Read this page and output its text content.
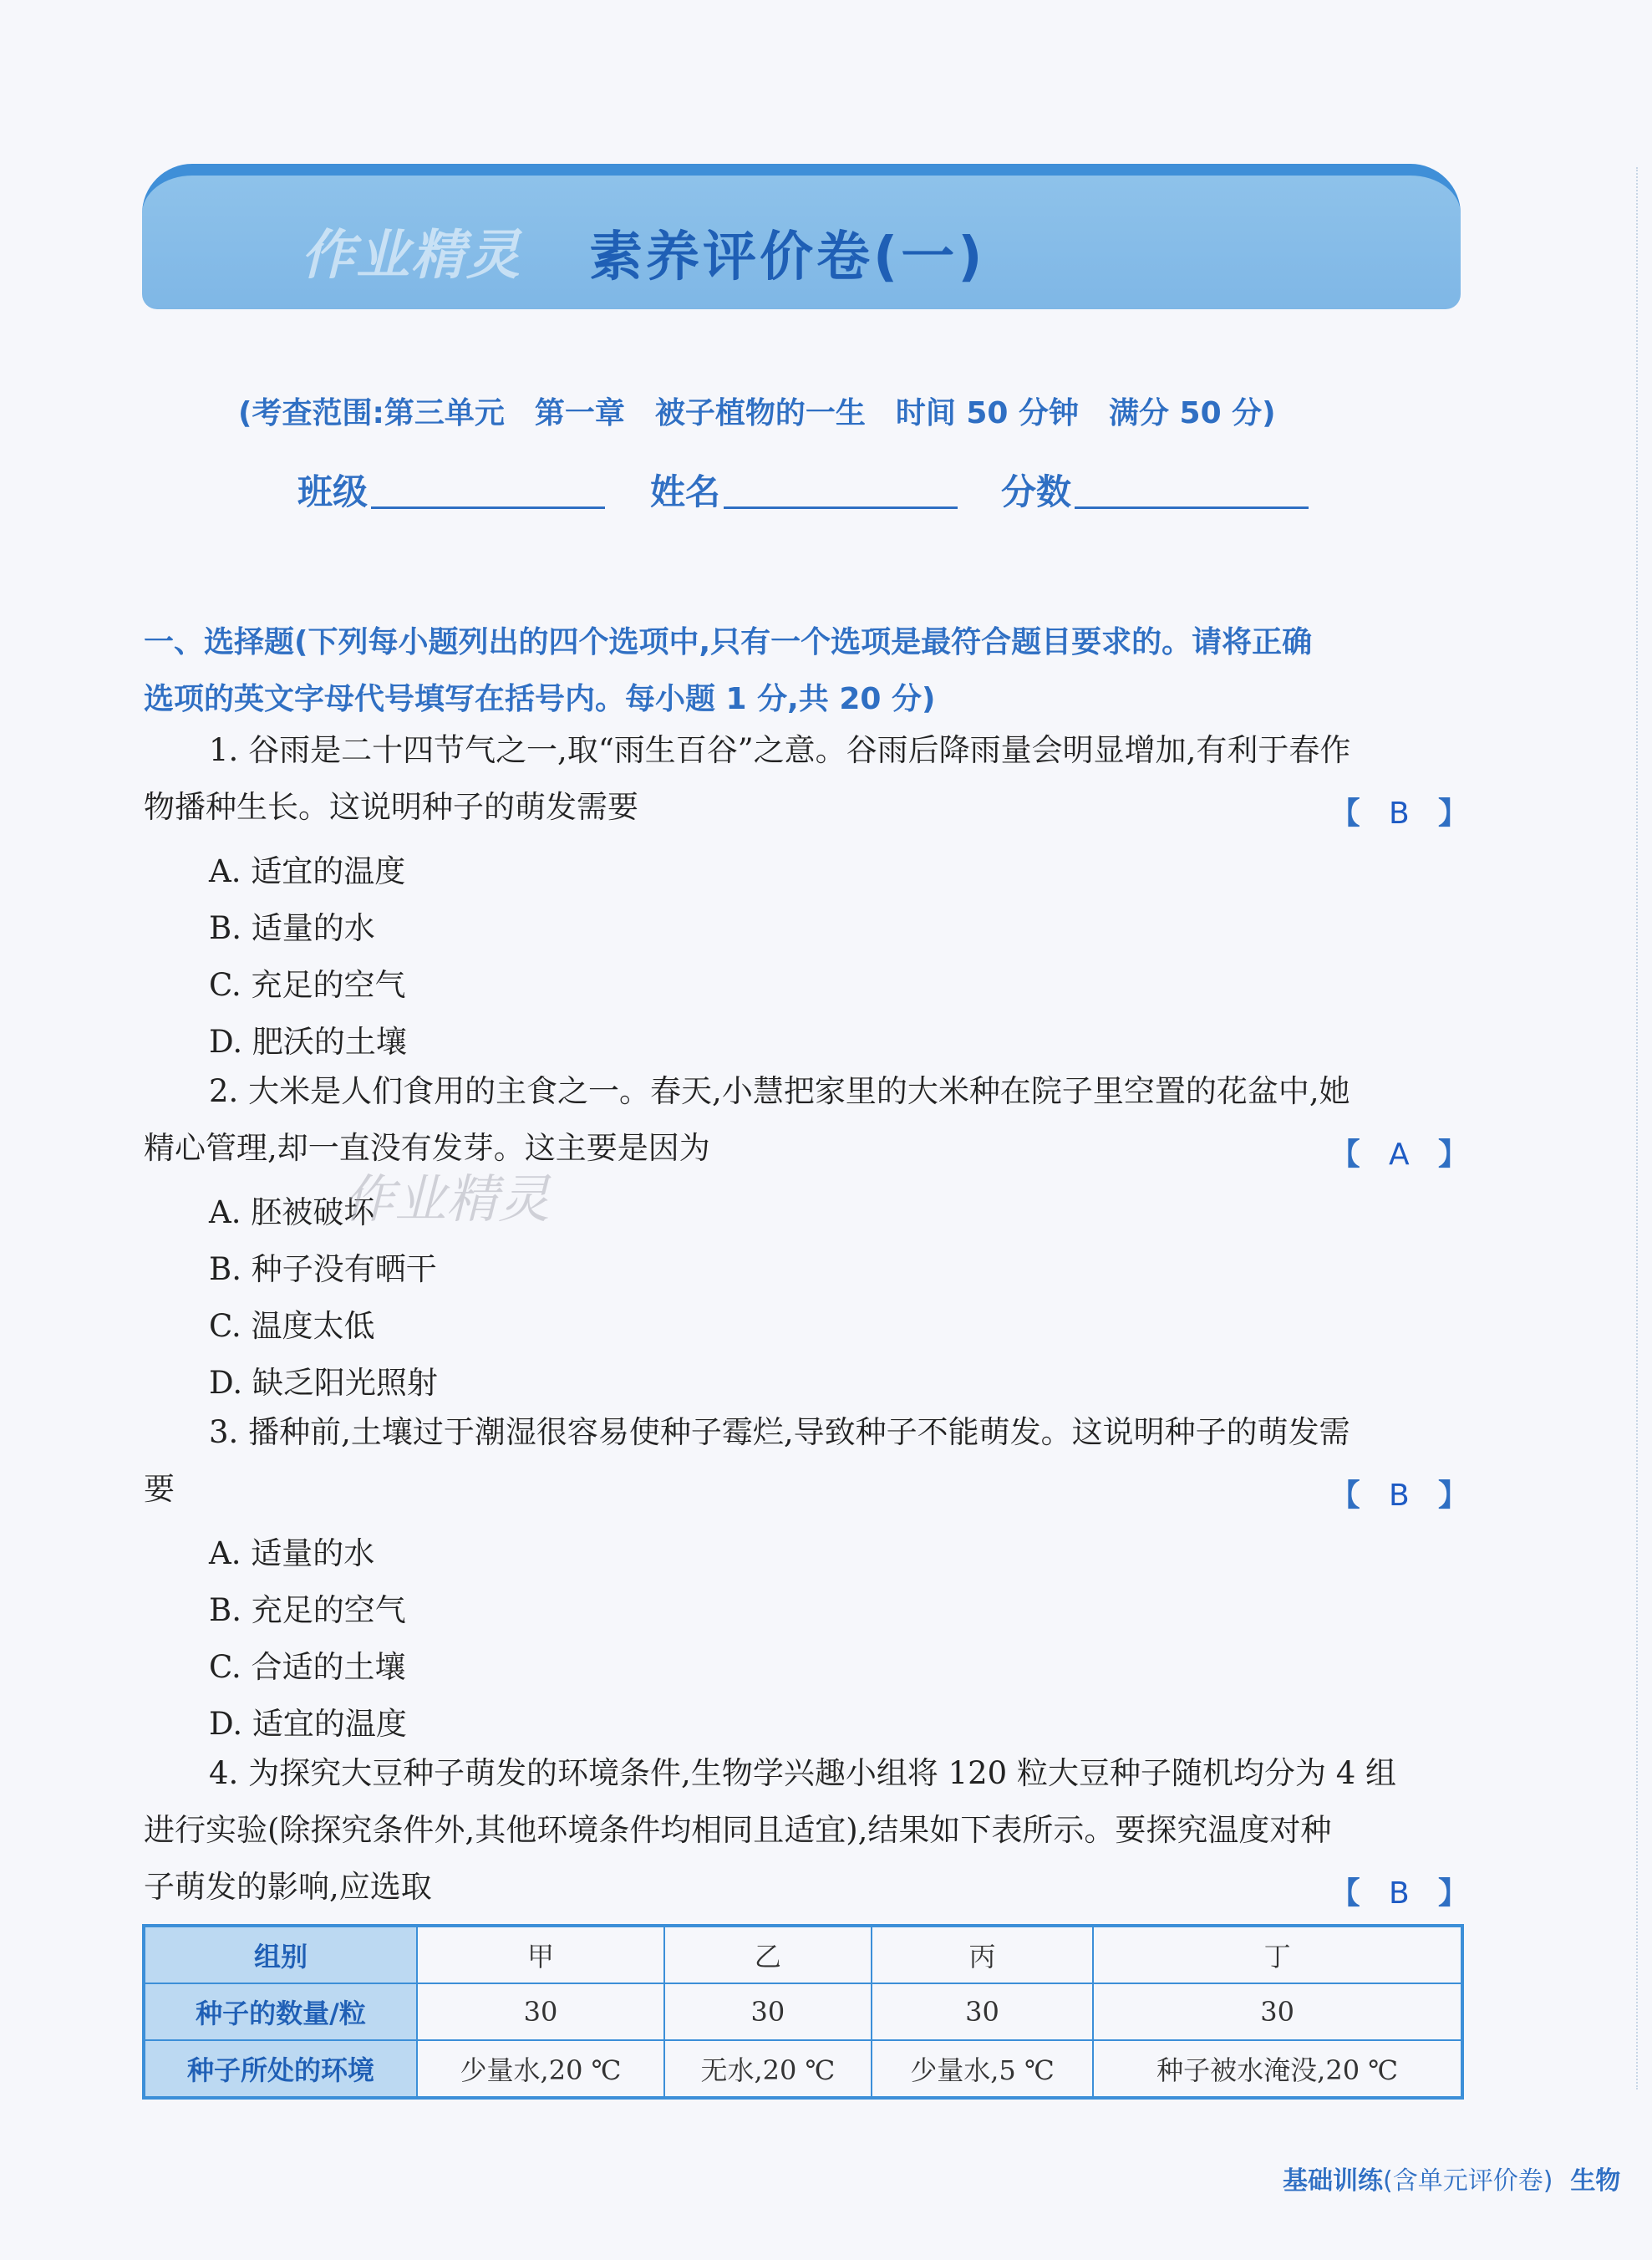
作业精灵 素养评价卷(一)
(考查范围:第三单元　第一章　被子植物的一生　时间 50 分钟　满分 50 分)
班级	姓名	分数
一、选择题(下列每小题列出的四个选项中,只有一个选项是最符合题目要求的。请将正确
选项的英文字母代号填写在括号内。每小题 1 分,共 20 分)
1. 谷雨是二十四节气之一,取“雨生百谷”之意。谷雨后降雨量会明显增加,有利于春作
物播种生长。这说明种子的萌发需要	【 B 】
A. 适宜的温度
B. 适量的水
C. 充足的空气
D. 肥沃的土壤
2. 大米是人们食用的主食之一。春天,小慧把家里的大米种在院子里空置的花盆中,她
精心管理,却一直没有发芽。这主要是因为	【 A 】
A. 胚被破坏
B. 种子没有晒干
C. 温度太低
D. 缺乏阳光照射
作业精灵
3. 播种前,土壤过于潮湿很容易使种子霉烂,导致种子不能萌发。这说明种子的萌发需
要	【 B 】
A. 适量的水
B. 充足的空气
C. 合适的土壤
D. 适宜的温度
4. 为探究大豆种子萌发的环境条件,生物学兴趣小组将 120 粒大豆种子随机均分为 4 组
进行实验(除探究条件外,其他环境条件均相同且适宜),结果如下表所示。要探究温度对种
子萌发的影响,应选取	【 B 】
组别	甲	乙	丙	丁
种子的数量/粒	30	30	30	30
种子所处的环境	少量水,20 ℃	无水,20 ℃	少量水,5 ℃	种子被水淹没,20 ℃
基础训练(含单元评价卷) 生物
